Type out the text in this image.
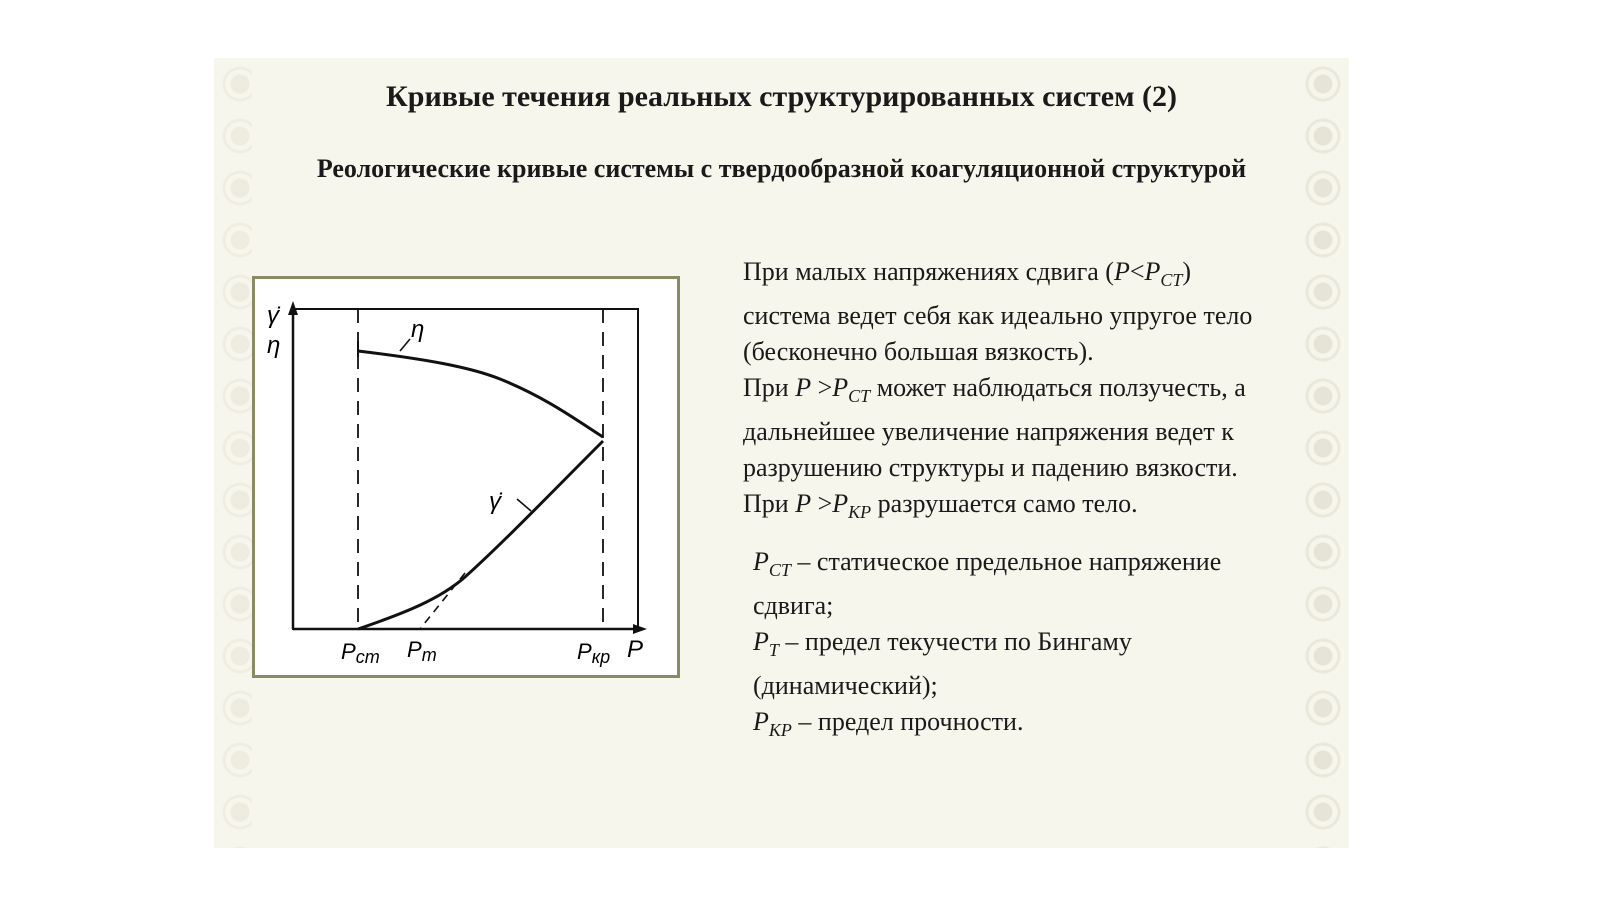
Кривые течения реальных структурированных систем (2)
Реологические кривые системы с твердообразной коагуляционной структурой
γ̇
η
P
η
γ̇
Pст Pт	Pкр

При малых напряжениях сдвига $(P<P_{CT})$

система ведет себя как идеально упругое тело

(бесконечно большая вязкость).

При $P >P_{CT}$ может наблюдаться ползучесть, а

дальнейшее увеличение напряжения ведет к

разрушению структуры и падению вязкости.

При $P >P_{KP}$ разрушается само тело.

$P_{CT}$ – статическое предельное напряжение

сдвига;

$P_T$ – предел текучести по Бингаму

(динамический);

$P_{KP}$ – предел прочности.
